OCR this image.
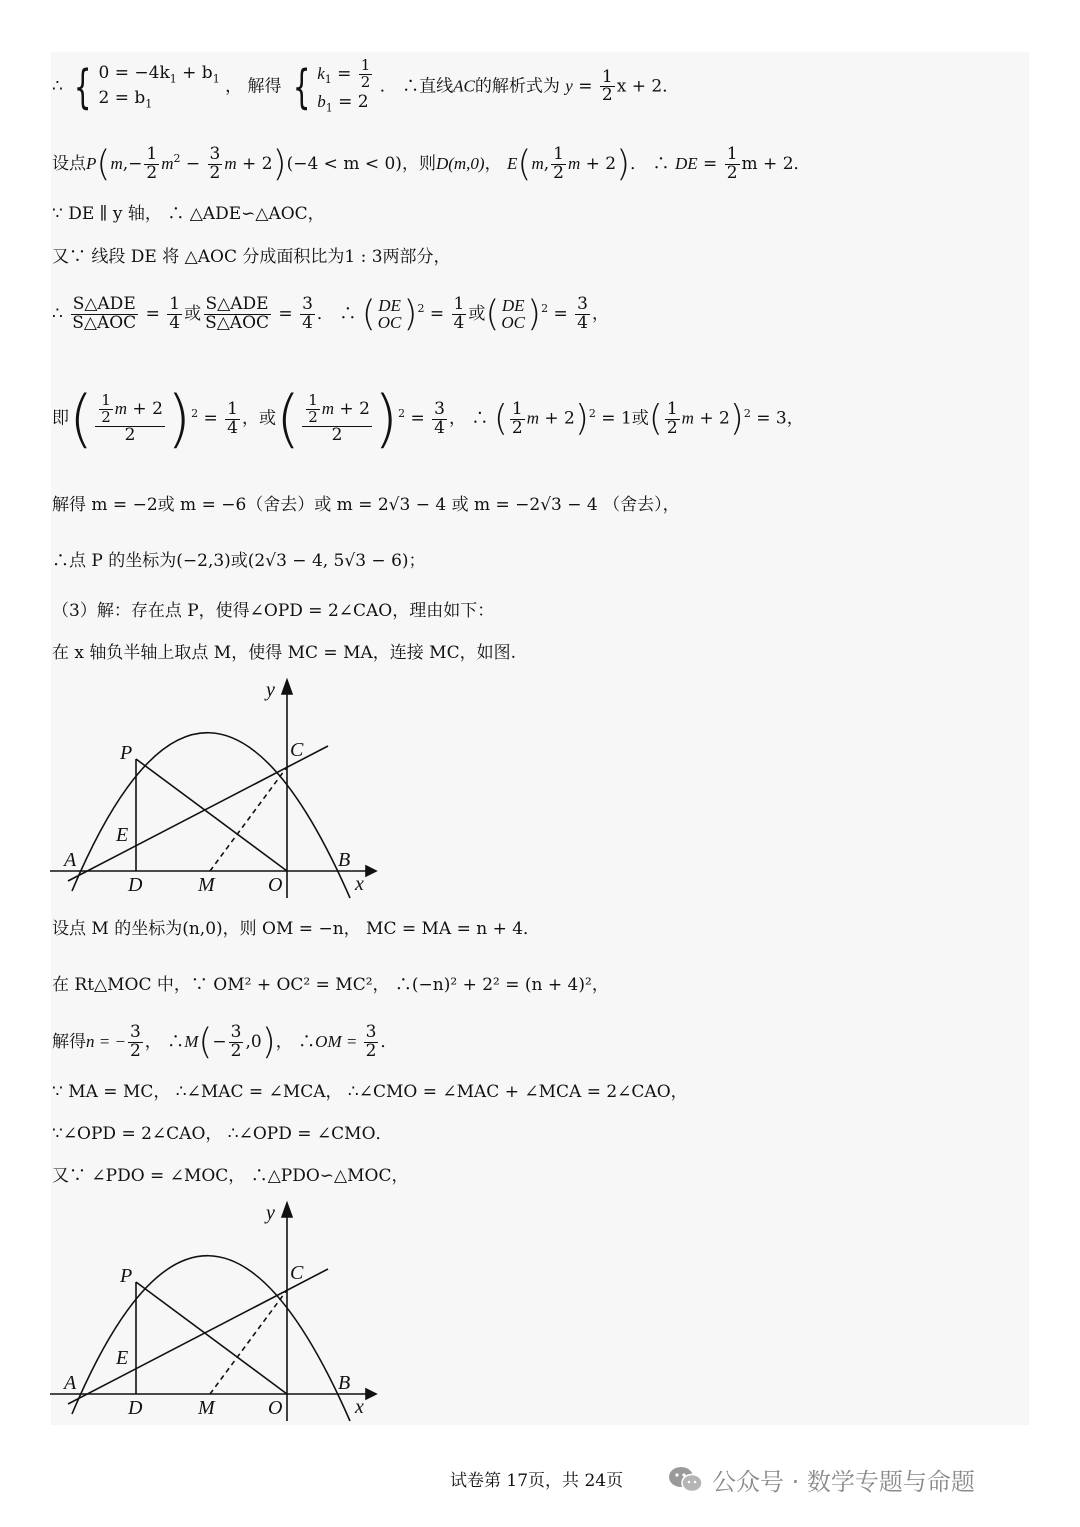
∴ { $0 = -4k_1 + b_1$
$2 = b_1$
， 解得 { $k_1 = \frac{1}{2}$
$b_1 = 2$
． ∴直线AC的解析式为 $y = \frac{1}{2}$ x + 2．
设点$P(m,- \frac{1}{2} m^2 - \frac{3}{2}$ m + 2)(−4 < m < 0)，则D(m,0)， E(m, $\frac{1}{2}$ m + 2)． ∴ DE = $\frac{1}{2}$ m + 2．
∵ DE ∥ y 轴， ∴ △ADE∽△AOC，
又∵ 线段 DE 将 △AOC 分成面积比为1 : 3两部分，
∴ $\frac{\text{S△ADE}}{\text{S△AOC}} = \frac{1}{4}$ 或 $\frac{\text{S△ADE}}{\text{S△AOC}} = \frac{3}{4}$ ． ∴ ( DE
OC )$^2 = \frac{1}{4}$ 或( DE
OC )$^2 = \frac{3}{4}$ ，
即( $\frac{\frac{1}{2} m + 2}{2} )^2 = \frac{1}{4}$ ，或( $\frac{\frac{1}{2} m + 2}{2} )^2 = \frac{3}{4}$ ， ∴ ( $\frac{1}{2}$ m + 2)$^2$ = 1或( $\frac{1}{2}$ m + 2)$^2$ = 3，
解得 m = −2或 m = −6（舍去）或 m = 2√3 − 4 或 m = −2√3 − 4 （舍去），
∴点 P 的坐标为(−2,3)或(2√3 − 4, 5√3 − 6)；
（3）解：存在点 P，使得∠OPD = 2∠CAO，理由如下：
在 x 轴负半轴上取点 M，使得 MC = MA，连接 MC，如图.
y
x
P	C
E
A	B
D	M	O
设点 M 的坐标为(n,0)，则 OM = −n， MC = MA = n + 4．
在 Rt△MOC 中，∵ OM² + OC² = MC²， ∴(−n)² + 2² = (n + 4)²，
解得n = − $\frac{3}{2}$ ， ∴M(− $\frac{3}{2} ,0$)， ∴OM = $\frac{3}{2}$ ．
∵ MA = MC， ∴∠MAC = ∠MCA， ∴∠CMO = ∠MAC + ∠MCA = 2∠CAO，
∵∠OPD = 2∠CAO， ∴∠OPD = ∠CMO．
又∵ ∠PDO = ∠MOC， ∴△PDO∽△MOC，
y
x
P	C
E
A	B
D	M	O
试卷第 17页，共 24页	公众号 · 数学专题与命题
